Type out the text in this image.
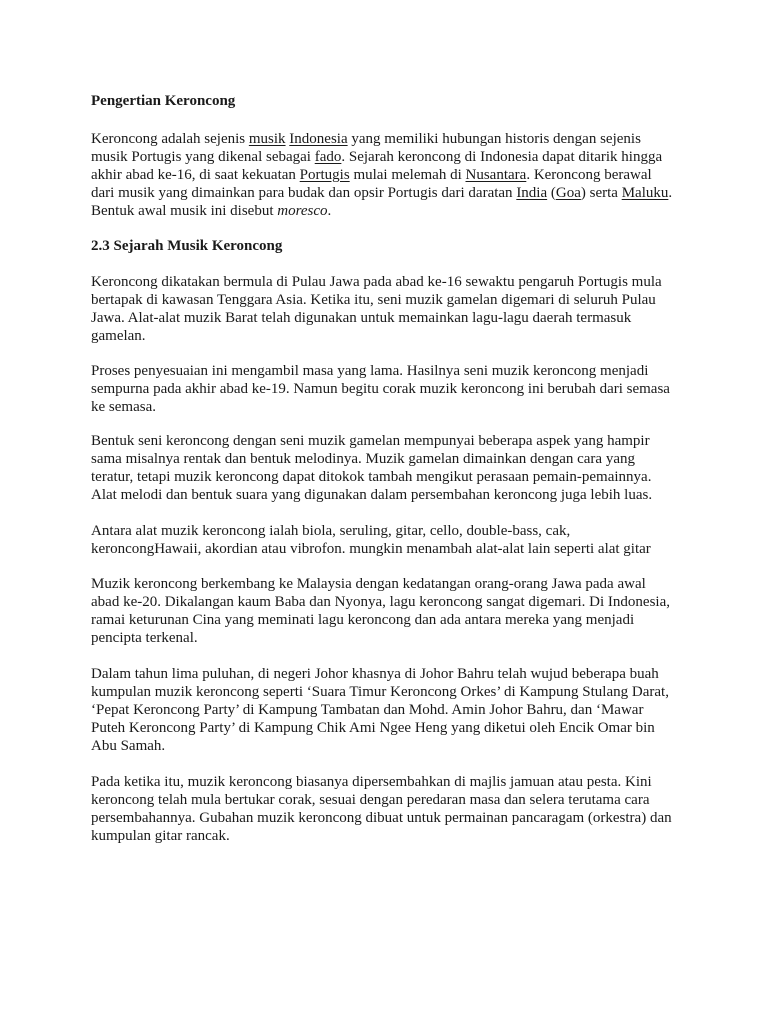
Pengertian Keroncong
Keroncong adalah sejenis musik Indonesia yang memiliki hubungan historis dengan sejenis
musik Portugis yang dikenal sebagai fado. Sejarah keroncong di Indonesia dapat ditarik hingga
akhir abad ke-16, di saat kekuatan Portugis mulai melemah di Nusantara. Keroncong berawal
dari musik yang dimainkan para budak dan opsir Portugis dari daratan India (Goa) serta Maluku.
Bentuk awal musik ini disebut moresco.
2.3 Sejarah Musik Keroncong
Keroncong dikatakan bermula di Pulau Jawa pada abad ke-16 sewaktu pengaruh Portugis mula
bertapak di kawasan Tenggara Asia. Ketika itu, seni muzik gamelan digemari di seluruh Pulau
Jawa. Alat-alat muzik Barat telah digunakan untuk memainkan lagu-lagu daerah termasuk
gamelan.
Proses penyesuaian ini mengambil masa yang lama. Hasilnya seni muzik keroncong menjadi
sempurna pada akhir abad ke-19. Namun begitu corak muzik keroncong ini berubah dari semasa
ke semasa.
Bentuk seni keroncong dengan seni muzik gamelan mempunyai beberapa aspek yang hampir
sama misalnya rentak dan bentuk melodinya. Muzik gamelan dimainkan dengan cara yang
teratur, tetapi muzik keroncong dapat ditokok tambah mengikut perasaan pemain-pemainnya.
Alat melodi dan bentuk suara yang digunakan dalam persembahan keroncong juga lebih luas.
Antara alat muzik keroncong ialah biola, seruling, gitar, cello, double-bass, cak,
keroncongHawaii, akordian atau vibrofon. mungkin menambah alat-alat lain seperti alat gitar
Muzik keroncong berkembang ke Malaysia dengan kedatangan orang-orang Jawa pada awal
abad ke-20. Dikalangan kaum Baba dan Nyonya, lagu keroncong sangat digemari. Di Indonesia,
ramai keturunan Cina yang meminati lagu keroncong dan ada antara mereka yang menjadi
pencipta terkenal.
Dalam tahun lima puluhan, di negeri Johor khasnya di Johor Bahru telah wujud beberapa buah
kumpulan muzik keroncong seperti ‘Suara Timur Keroncong Orkes’ di Kampung Stulang Darat,
‘Pepat Keroncong Party’ di Kampung Tambatan dan Mohd. Amin Johor Bahru, dan ‘Mawar
Puteh Keroncong Party’ di Kampung Chik Ami Ngee Heng yang diketui oleh Encik Omar bin
Abu Samah.
Pada ketika itu, muzik keroncong biasanya dipersembahkan di majlis jamuan atau pesta. Kini
keroncong telah mula bertukar corak, sesuai dengan peredaran masa dan selera terutama cara
persembahannya. Gubahan muzik keroncong dibuat untuk permainan pancaragam (orkestra) dan
kumpulan gitar rancak.
